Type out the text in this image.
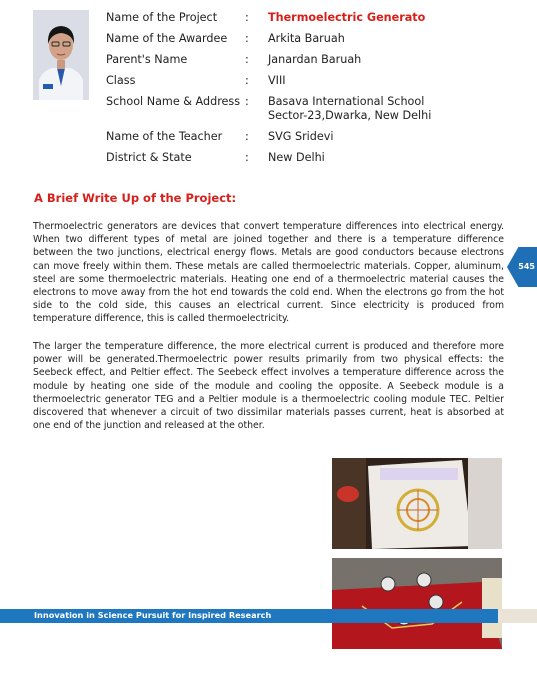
Name of the Project : Thermoelectric Generato
Name of the Awardee : Arkita Baruah
Parent's Name	: Janardan Baruah
Class	: VIII
School Name & Address : Basava International School
Sector-23,Dwarka, New Delhi
Name of the Teacher : SVG Sridevi
District & State	: New Delhi
A Brief Write Up of the Project:

Thermoelectric generators are devices that convert temperature differences into electrical energy. When two different types of metal are joined together and there is a temperature difference between the two junctions, electrical energy flows. Metals are good conductors because electrons can move freely within them. These metals are called thermoelectric materials. Copper, aluminum, steel are some thermoelectric materials. Heating one end of a thermoelectric material causes the electrons to move away from the hot end towards the cold end. When the electrons go from the hot side to the cold side, this causes an electrical current. Since electricity is produced from temperature difference, this is called thermoelectricity.

The larger the temperature difference, the more electrical current is produced and therefore more power will be generated.Thermoelectric power results primarily from two physical effects: the Seebeck effect, and Peltier effect. The Seebeck effect involves a temperature difference across the module by heating one side of the module and cooling the opposite. A Seebeck module is a thermoelectric generator TEG and a Peltier module is a thermoelectric cooling module TEC. Peltier discovered that whenever a circuit of two dissimilar materials passes current, heat is absorbed at one end of the junction and released at the other.

545
Innovation in Science Pursuit for Inspired Research
